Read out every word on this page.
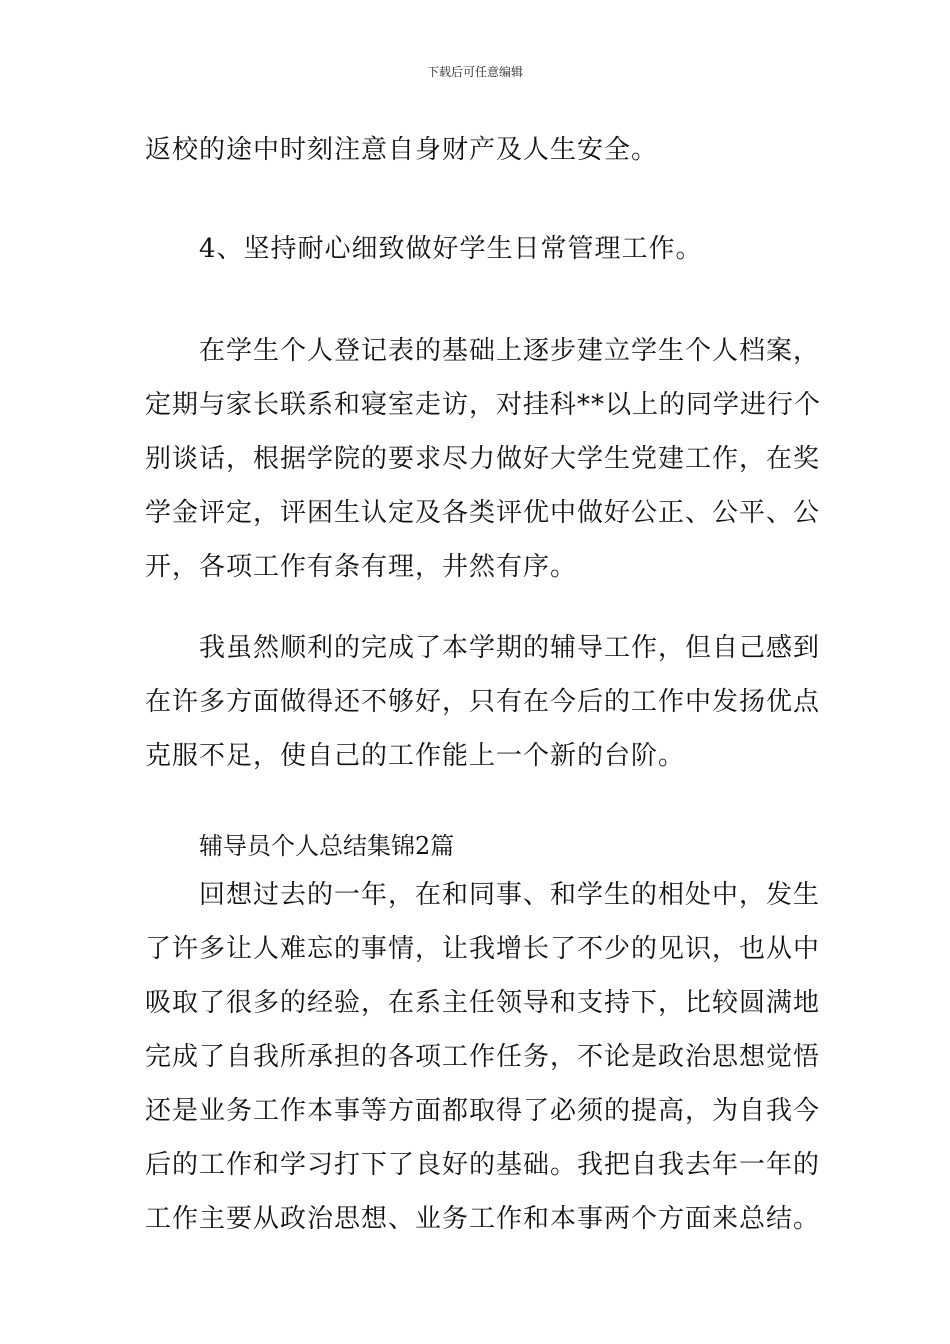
下载后可任意编辑
返校的途中时刻注意自身财产及人生安全。
4、坚持耐心细致做好学生日常管理工作。
在学生个人登记表的基础上逐步建立学生个人档案，
定期与家长联系和寝室走访，对挂科**以上的同学进行个
别谈话，根据学院的要求尽力做好大学生党建工作，在奖
学金评定，评困生认定及各类评优中做好公正、公平、公
开，各项工作有条有理，井然有序。
我虽然顺利的完成了本学期的辅导工作，但自己感到
在许多方面做得还不够好，只有在今后的工作中发扬优点
克服不足，使自己的工作能上一个新的台阶。
辅导员个人总结集锦2篇
回想过去的一年，在和同事、和学生的相处中，发生
了许多让人难忘的事情，让我增长了不少的见识，也从中
吸取了很多的经验，在系主任领导和支持下，比较圆满地
完成了自我所承担的各项工作任务，不论是政治思想觉悟
还是业务工作本事等方面都取得了必须的提高，为自我今
后的工作和学习打下了良好的基础。我把自我去年一年的
工作主要从政治思想、业务工作和本事两个方面来总结。
